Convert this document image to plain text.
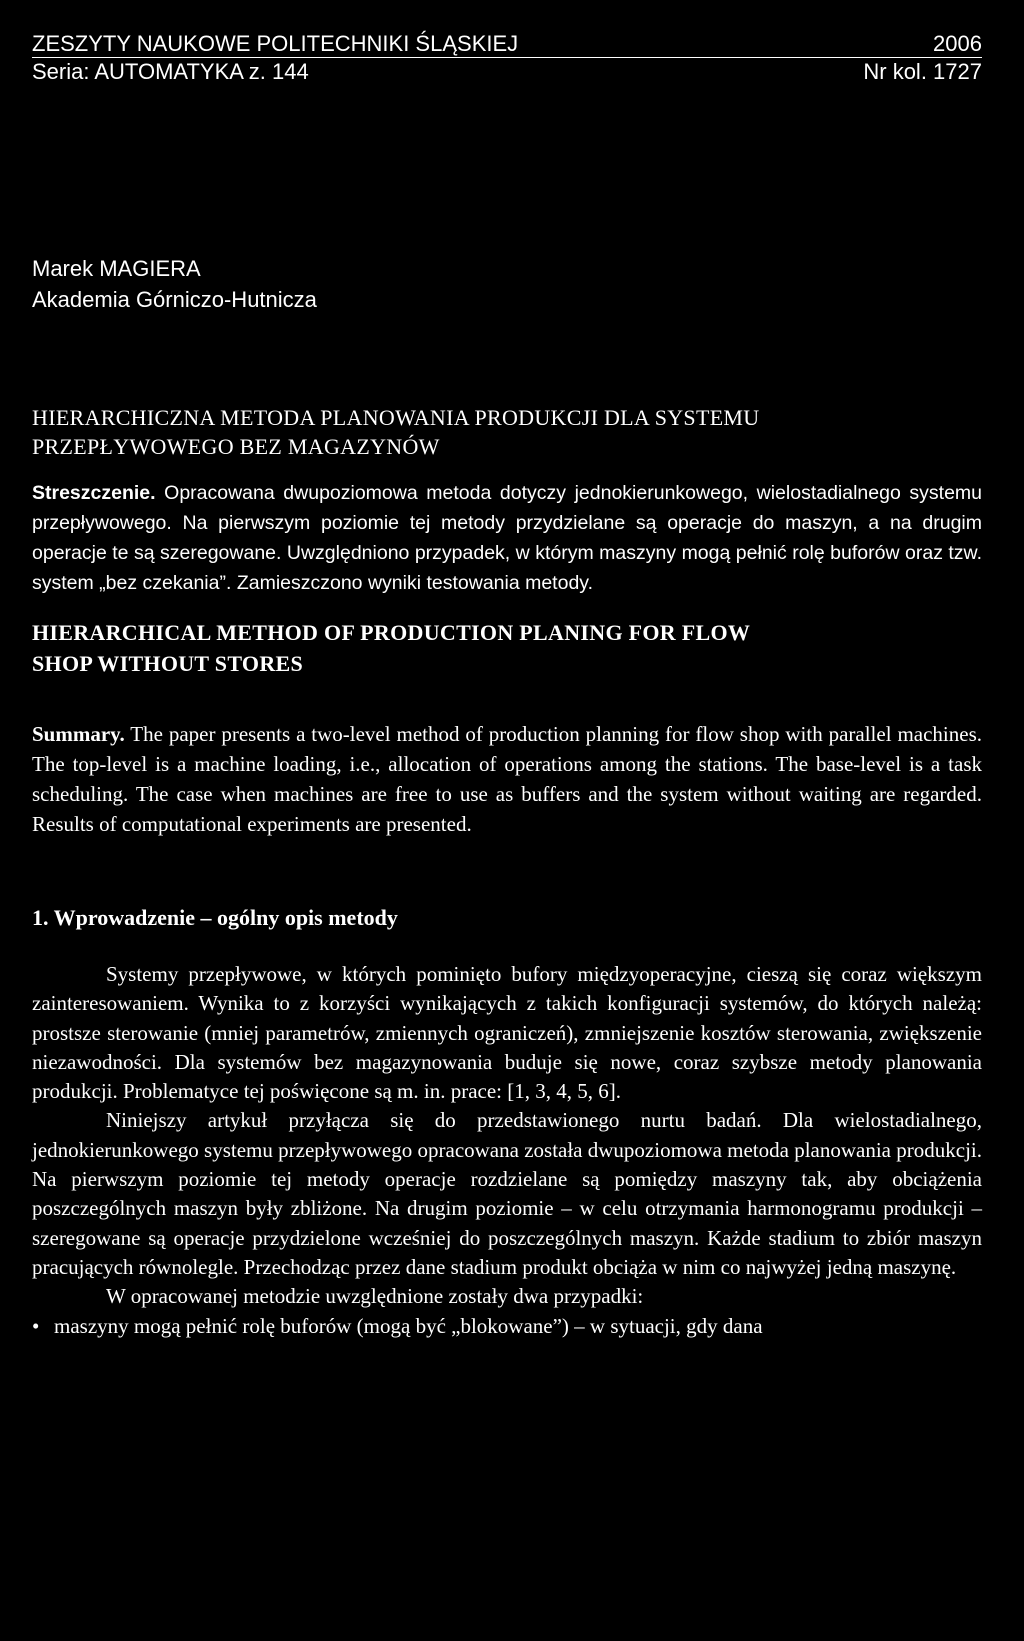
ZESZYTY NAUKOWE POLITECHNIKI ŚLĄSKIEJ	2006
Seria: AUTOMATYKA z. 144	Nr kol. 1727
Marek MAGIERA
Akademia Górniczo-Hutnicza
HIERARCHICZNA METODA PLANOWANIA PRODUKCJI DLA SYSTEMU
PRZEPŁYWOWEGO BEZ MAGAZYNÓW
Streszczenie. Opracowana dwupoziomowa metoda dotyczy jednokierunkowego, wielostadialnego systemu przepływowego. Na pierwszym poziomie tej metody przydzielane są operacje do maszyn, a na drugim operacje te są szeregowane. Uwzględniono przypadek, w którym maszyny mogą pełnić rolę buforów oraz tzw. system „bez czekania”. Zamieszczono wyniki testowania metody.
HIERARCHICAL METHOD OF PRODUCTION PLANING FOR FLOW
SHOP WITHOUT STORES
Summary. The paper presents a two-level method of production planning for flow shop with parallel machines. The top-level is a machine loading, i.e., allocation of operations among the stations. The base-level is a task scheduling. The case when machines are free to use as buffers and the system without waiting are regarded. Results of computational experiments are presented.
1. Wprowadzenie – ogólny opis metody

Systemy przepływowe, w których pominięto bufory międzyoperacyjne, cieszą się coraz większym zainteresowaniem. Wynika to z korzyści wynikających z takich konfiguracji systemów, do których należą: prostsze sterowanie (mniej parametrów, zmiennych ograniczeń), zmniejszenie kosztów sterowania, zwiększenie niezawodności. Dla systemów bez magazynowania buduje się nowe, coraz szybsze metody planowania produkcji. Problematyce tej poświęcone są m. in. prace: [1, 3, 4, 5, 6].

Niniejszy artykuł przyłącza się do przedstawionego nurtu badań. Dla wielostadialnego, jednokierunkowego systemu przepływowego opracowana została dwupoziomowa metoda planowania produkcji. Na pierwszym poziomie tej metody operacje rozdzielane są pomiędzy maszyny tak, aby obciążenia poszczególnych maszyn były zbliżone. Na drugim poziomie – w celu otrzymania harmonogramu produkcji – szeregowane są operacje przydzielone wcześniej do poszczególnych maszyn. Każde stadium to zbiór maszyn pracujących równolegle. Przechodząc przez dane stadium produkt obciąża w nim co najwyżej jedną maszynę.

W opracowanej metodzie uwzględnione zostały dwa przypadki:

• maszyny mogą pełnić rolę buforów (mogą być „blokowane”) – w sytuacji, gdy dana
